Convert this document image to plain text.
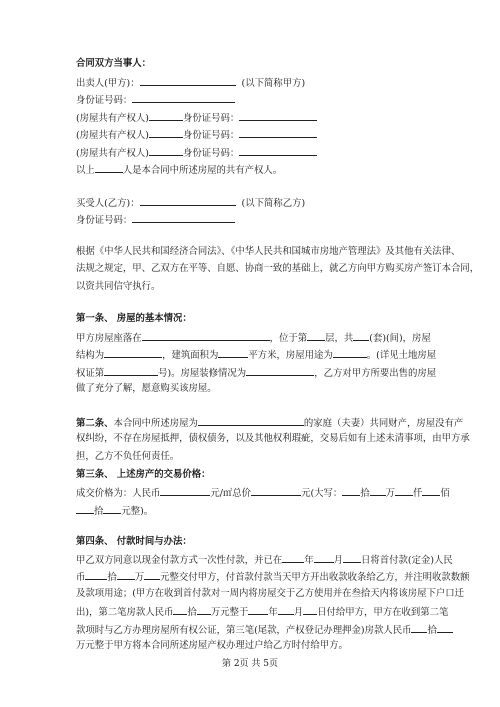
合同双方当事人：
出卖人(甲方)：	(以下简称甲方)
身份证号码：
(房屋共有产权人)	身份证号码：
(房屋共有产权人)	身份证号码：
(房屋共有产权人)	身份证号码：
以上	人是本合同中所述房屋的共有产权人。
买受人(乙方)：	(以下简称乙方)
身份证号码：
根据《中华人民共和国经济合同法》、《中华人民共和国城市房地产管理法》及其他有关法律、
法规之规定，甲、乙双方在平等、自愿、协商一致的基础上，就乙方向甲方购买房产签订本合同，
以资共同信守执行。
第一条、 房屋的基本情况：
甲方房屋座落在	，位于第 层，共 (套)(间)，房屋
结构为	，建筑面积为	平方米，房屋用途为	。(详见土地房屋
权证第	号)。房屋装修情况为	，乙方对甲方所要出售的房屋
做了充分了解，愿意购买该房屋。
第二条、本合同中所述房屋为	的家庭（夫妻）共同财产，房屋没有产
权纠纷，不存在房屋抵押，债权债务，以及其他权利瑕疵，交易后如有上述未清事项，由甲方承
担，乙方不负任何责任。
第三条、 上述房产的交易价格：
成交价格为：人民币	元/㎡总价	元(大写： 拾 万 仟 佰
拾 元整)。
第四条、 付款时间与办法：
甲乙双方同意以现金付款方式一次性付款，并已在 年 月 日将首付款(定金)人民
币 拾 万 元整交付甲方，付首款付款当天甲方开出收款收条给乙方，并注明收款数额
及款项用途；(甲方在收到首付款对一周内将房屋交于乙方使用并在叁拾天内将该房屋下户口迁
出)，第二笔房款人民币 拾 万元整于 年 月 日付给甲方，甲方在收到第二笔
款项时与乙方办理房屋所有权公证，第三笔(尾款，产权登记办理押金)房款人民币 拾
万元整于甲方将本合同所述房屋产权办理过户给乙方时付给甲方。
第 2页 共 5页
